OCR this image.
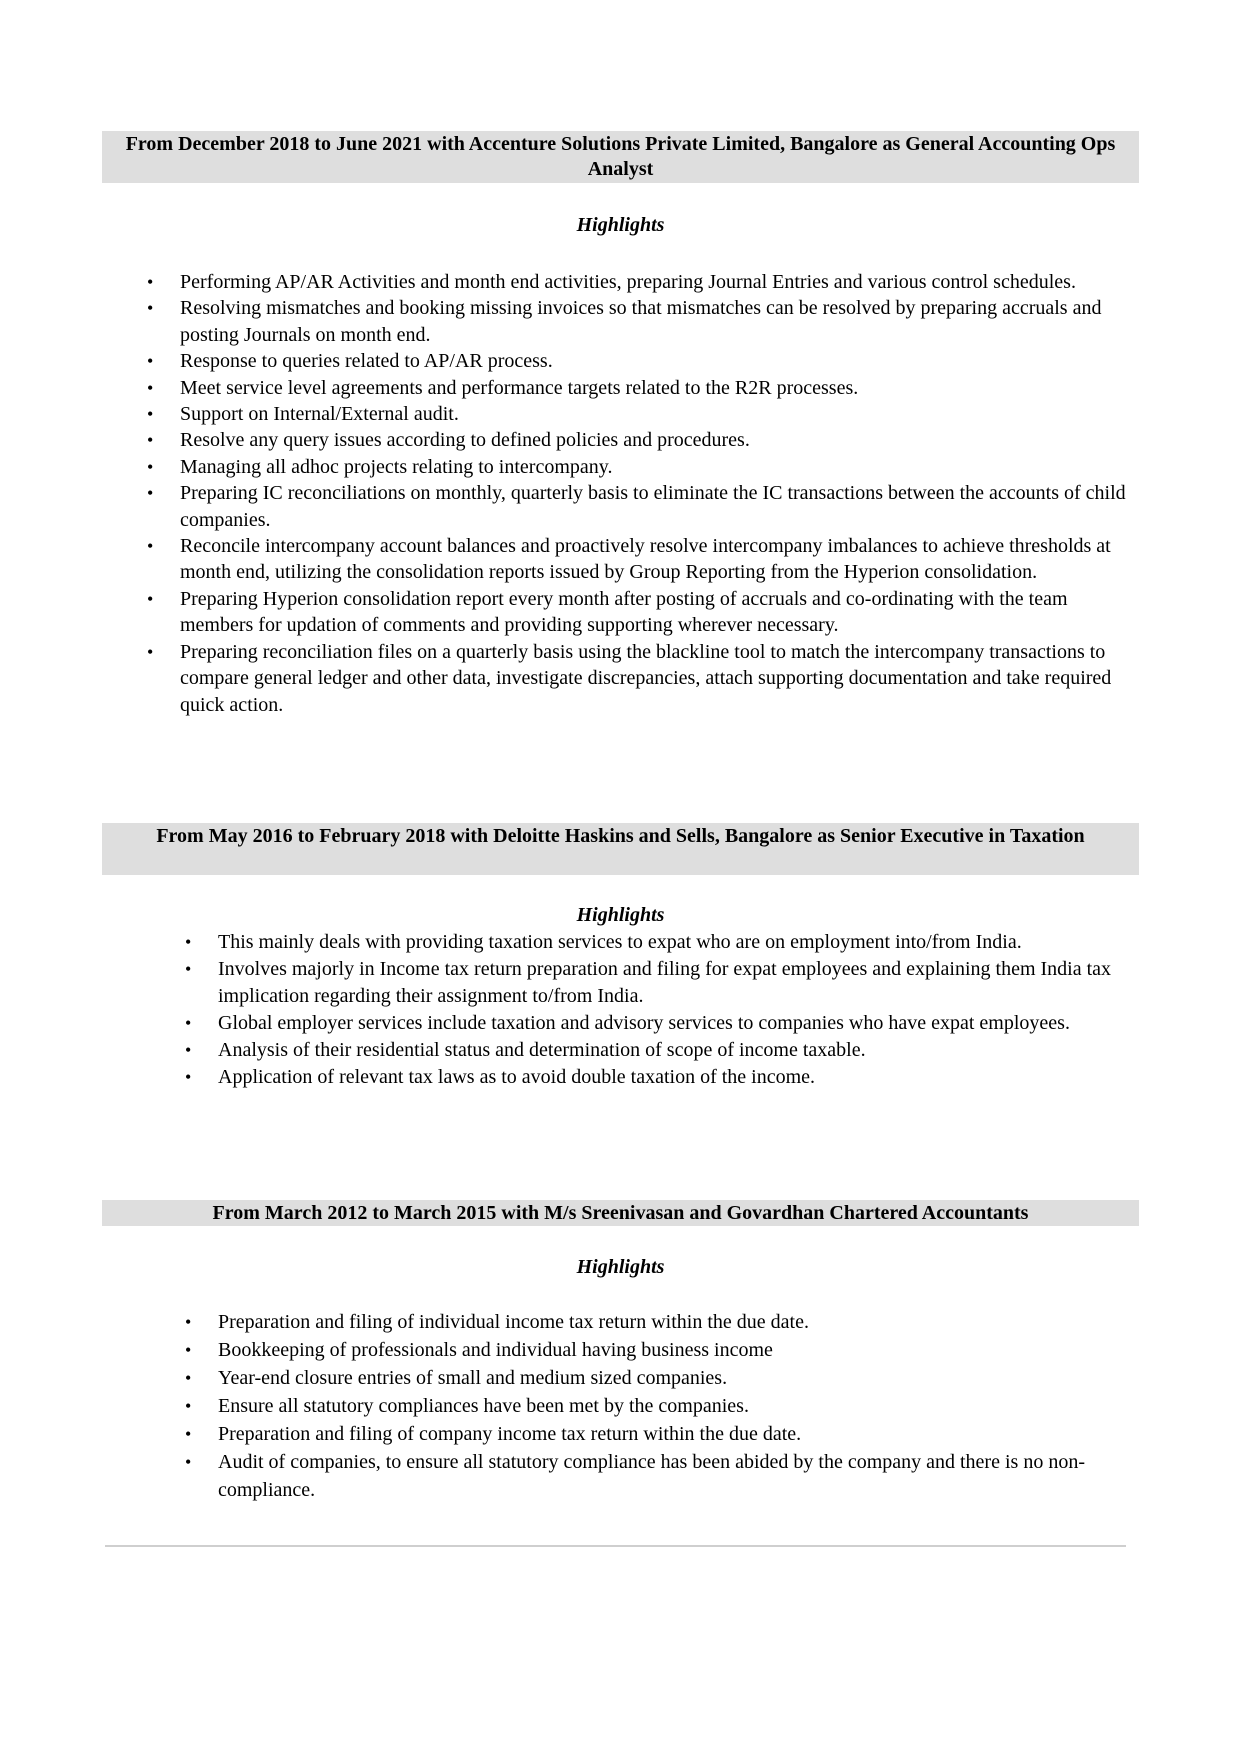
From December 2018 to June 2021 with Accenture Solutions Private Limited, Bangalore as General Accounting Ops Analyst
Highlights
• Performing AP/AR Activities and month end activities, preparing Journal Entries and various control schedules.
• Resolving mismatches and booking missing invoices so that mismatches can be resolved by preparing accruals and posting Journals on month end.
• Response to queries related to AP/AR process.
• Meet service level agreements and performance targets related to the R2R processes.
• Support on Internal/External audit.
• Resolve any query issues according to defined policies and procedures.
• Managing all adhoc projects relating to intercompany.
• Preparing IC reconciliations on monthly, quarterly basis to eliminate the IC transactions between the accounts of child companies.
• Reconcile intercompany account balances and proactively resolve intercompany imbalances to achieve thresholds at month end, utilizing the consolidation reports issued by Group Reporting from the Hyperion consolidation.
• Preparing Hyperion consolidation report every month after posting of accruals and co-ordinating with the team members for updation of comments and providing supporting wherever necessary.
• Preparing reconciliation files on a quarterly basis using the blackline tool to match the intercompany transactions to compare general ledger and other data, investigate discrepancies, attach supporting documentation and take required quick action.
From May 2016 to February 2018 with Deloitte Haskins and Sells, Bangalore as Senior Executive in Taxation
Highlights
• This mainly deals with providing taxation services to expat who are on employment into/from India.
• Involves majorly in Income tax return preparation and filing for expat employees and explaining them India tax implication regarding their assignment to/from India.
• Global employer services include taxation and advisory services to companies who have expat employees.
• Analysis of their residential status and determination of scope of income taxable.
• Application of relevant tax laws as to avoid double taxation of the income.
From March 2012 to March 2015 with M/s Sreenivasan and Govardhan Chartered Accountants
Highlights
• Preparation and filing of individual income tax return within the due date.
• Bookkeeping of professionals and individual having business income
• Year-end closure entries of small and medium sized companies.
• Ensure all statutory compliances have been met by the companies.
• Preparation and filing of company income tax return within the due date.
• Audit of companies, to ensure all statutory compliance has been abided by the company and there is no non-compliance.
